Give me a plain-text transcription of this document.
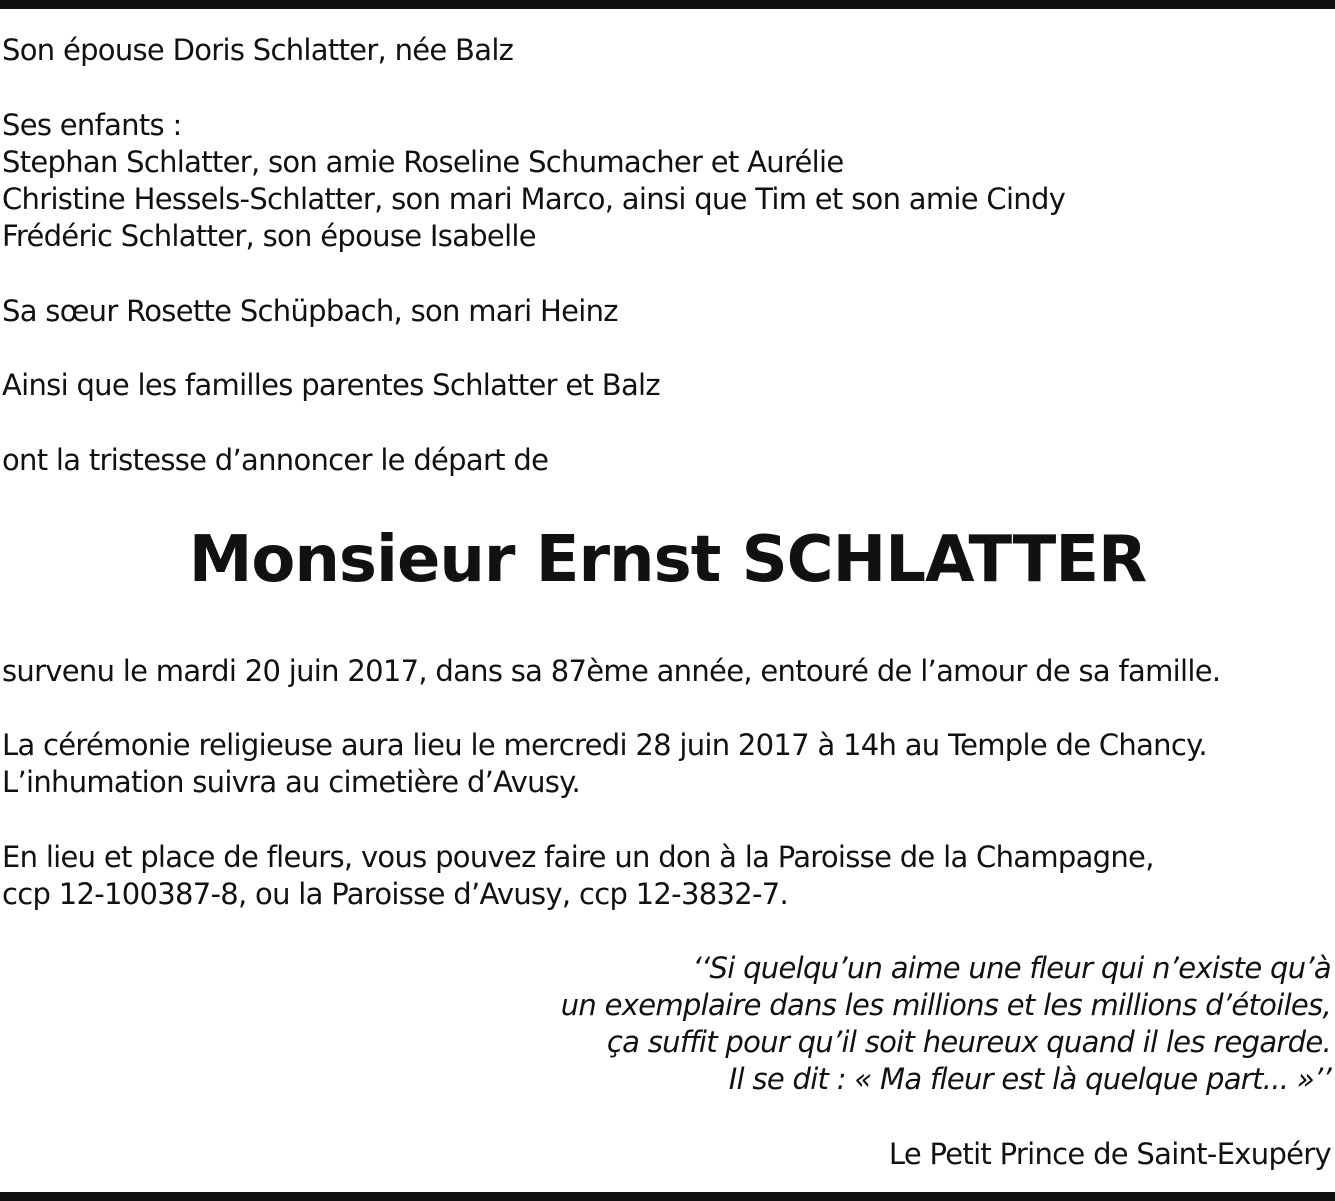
Son épouse Doris Schlatter, née Balz
Ses enfants :
Stephan Schlatter, son amie Roseline Schumacher et Aurélie
Christine Hessels-Schlatter, son mari Marco, ainsi que Tim et son amie Cindy
Frédéric Schlatter, son épouse Isabelle
Sa sœur Rosette Schüpbach, son mari Heinz
Ainsi que les familles parentes Schlatter et Balz
ont la tristesse d’annoncer le départ de
Monsieur Ernst SCHLATTER
survenu le mardi 20 juin 2017, dans sa 87ème année, entouré de l’amour de sa famille.
La cérémonie religieuse aura lieu le mercredi 28 juin 2017 à 14h au Temple de Chancy.
L’inhumation suivra au cimetière d’Avusy.
En lieu et place de fleurs, vous pouvez faire un don à la Paroisse de la Champagne,
ccp 12-100387-8, ou la Paroisse d’Avusy, ccp 12-3832-7.
‘‘Si quelqu’un aime une fleur qui n’existe qu’à
un exemplaire dans les millions et les millions d’étoiles,
ça suffit pour qu’il soit heureux quand il les regarde.
Il se dit : « Ma fleur est là quelque part... »’’
Le Petit Prince de Saint-Exupéry
